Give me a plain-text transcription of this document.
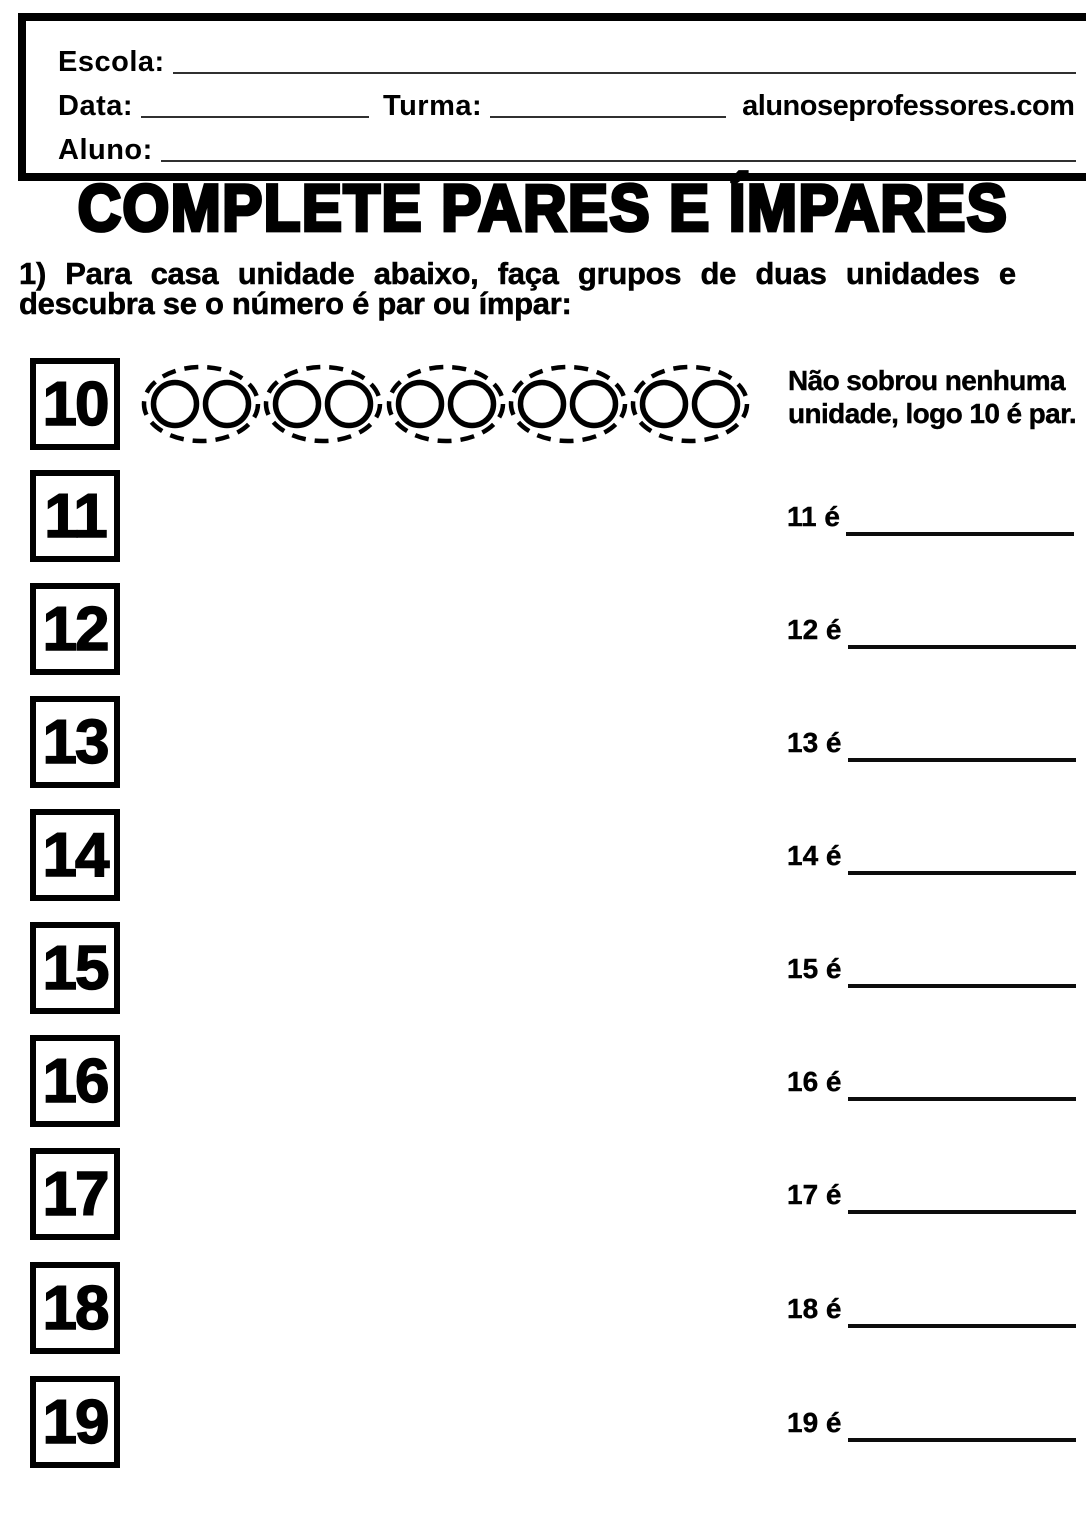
Escola:
Data:	Turma:	alunoseprofessores.com
Aluno:
COMPLETE PARES E ÍMPARES
1) Para casa unidade abaixo, faça grupos de duas unidades e
descubra se o número é par ou ímpar:
10	Não sobrou nenhuma unidade, logo 10 é par.
11	11 é
12	12 é
13	13 é
14	14 é
15	15 é
16	16 é
17	17 é
18	18 é
19	19 é
